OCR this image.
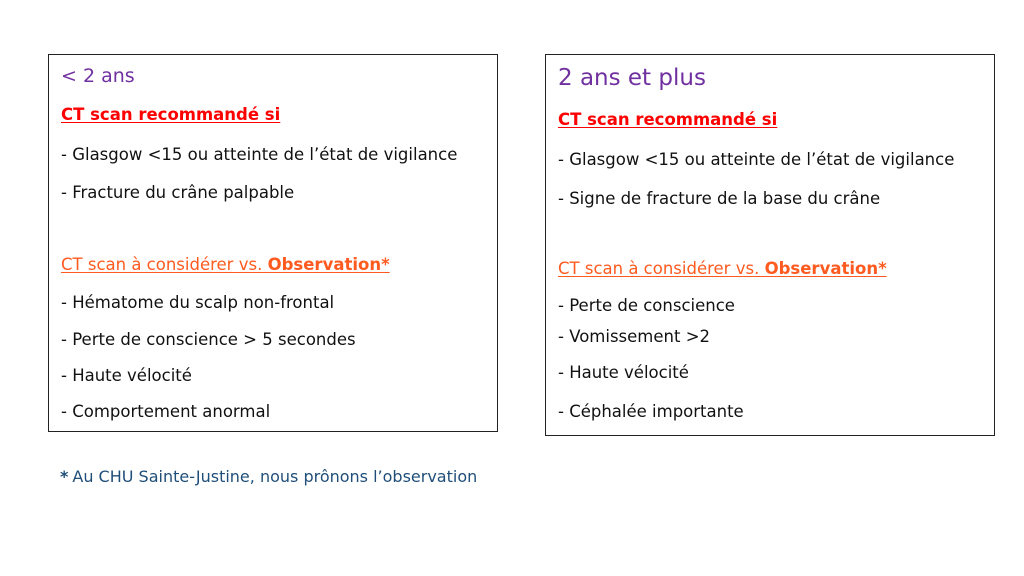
< 2 ans
CT scan recommandé si
- Glasgow <15 ou atteinte de l’état de vigilance
- Fracture du crâne palpable
CT scan à considérer vs. Observation*
- Hématome du scalp non-frontal
- Perte de conscience > 5 secondes
- Haute vélocité
- Comportement anormal
2 ans et plus
CT scan recommandé si
- Glasgow <15 ou atteinte de l’état de vigilance
- Signe de fracture de la base du crâne
CT scan à considérer vs. Observation*
- Perte de conscience
- Vomissement >2
- Haute vélocité
- Céphalée importante
* Au CHU Sainte-Justine, nous prônons l’observation
